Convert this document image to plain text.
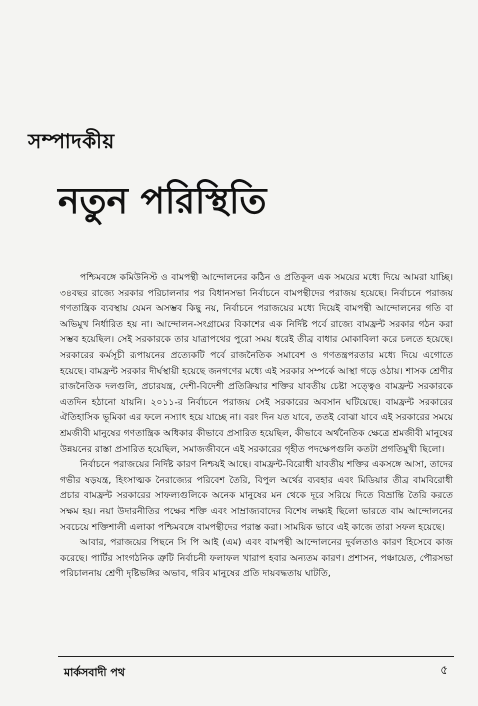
সম্পাদকীয়
নতুন পরিস্থিতি

পশ্চিমবঙ্গে কমিউনিস্ট ও বামপন্থী আন্দোলনের কঠিন ও প্রতিকূল এক সময়ের মধ্যে দিয়ে আমরা যাচ্ছি। ৩৪বছর রাজ্যে সরকার পরিচালনার পর বিধানসভা নির্বাচনে বামপন্থীদের পরাজয় হয়েছে। নির্বাচনে পরাজয় গণতান্ত্রিক ব্যবস্থায় যেমন অসম্ভব কিছু নয়, নির্বাচনে পরাজয়ের মধ্যে দিয়েই বামপন্থী আন্দোলনের গতি বা অভিমুখ নির্ধারিত হয় না। আন্দোলন-সংগ্রামের বিকাশের এক নির্দিষ্ট পর্বে রাজ্যে বামফ্রন্ট সরকার গঠন করা সম্ভব হয়েছিল। সেই সরকারকে তার যাত্রাপথের পুরো সময় ধরেই তীব্র বাধার মোকাবিলা করে চলতে হয়েছে। সরকারের কর্মসূচী রূপায়নের প্রত্যেকটি পর্বে রাজনৈতিক সমাবেশ ও গণতন্ত্রপরতার মধ্যে দিয়ে এগোতে হয়েছে। বামফ্রন্ট সরকার দীর্ঘস্থায়ী হয়েছে জনগণের মধ্যে এই সরকার সম্পর্কে আস্থা গড়ে ওঠায়। শাসক শ্রেণীর রাজনৈতিক দলগুলি, প্রচারযন্ত্র, দেশী-বিদেশী প্রতিক্রিয়ার শক্তির যাবতীয় চেষ্টা সত্ত্বেও বামফ্রন্ট সরকারকে এতদিন হঠানো যায়নি। ২০১১-র নির্বাচনে পরাজয় সেই সরকারের অবসান ঘটিয়েছে। বামফ্রন্ট সরকারের ঐতিহাসিক ভূমিকা এর ফলে নস্যাৎ হয়ে যাচ্ছে না। বরং দিন যত যাবে, ততই বোঝা যাবে এই সরকারের সময়ে শ্রমজীবী মানুষের গণতান্ত্রিক অধিকার কীভাবে প্রসারিত হয়েছিল, কীভাবে অর্থনৈতিক ক্ষেত্রে শ্রমজীবী মানুষের উন্নয়নের রাস্তা প্রসারিত হয়েছিল, সমাজজীবনে এই সরকারের গৃহীত পদক্ষেপগুলি কতটা প্রগতিমুখী ছিলো।

নির্বাচনে পরাজয়ের নির্দিষ্ট কারণ নিশ্চয়ই আছে। বামফ্রন্ট-বিরোধী যাবতীয় শক্তির একসঙ্গে আসা, তাদের গভীর ষড়যন্ত্র, হিংসাত্মক নৈরাজ্যের পরিবেশ তৈরি, বিপুল অর্থের ব্যবহার এবং মিডিয়ার তীব্র বামবিরোধী প্রচার বামফ্রন্ট সরকারের সাফল্যগুলিকে অনেক মানুষের মন থেকে দূরে সরিয়ে দিতে বিভ্রান্তি তৈরি করতে সক্ষম হয়। নয়া উদারনীতির পক্ষের শক্তি এবং সাম্রাজ্যবাদের বিশেষ লক্ষ্যই ছিলো ভারতে বাম আন্দোলনের সবচেয়ে শক্তিশালী এলাকা পশ্চিমবঙ্গে বামপন্থীদের পরাস্ত করা। সাময়িক ভাবে এই কাজে তারা সফল হয়েছে।

আবার, পরাজয়ের পিছনে সি পি আই (এম) এবং বামপন্থী আন্দোলনের দুর্বলতাও কারণ হিসেবে কাজ করেছে। পার্টির সাংগঠনিক ত্রুটি নির্বাচনী ফলাফল খারাপ হবার অন্যতম কারণ। প্রশাসন, পঞ্চায়েত, পৌরসভা পরিচালনায় শ্রেণী দৃষ্টিভঙ্গির অভাব, গরিব মানুষের প্রতি দায়বদ্ধতায় ঘাটতি,

মার্কসবাদী পথ	৫
